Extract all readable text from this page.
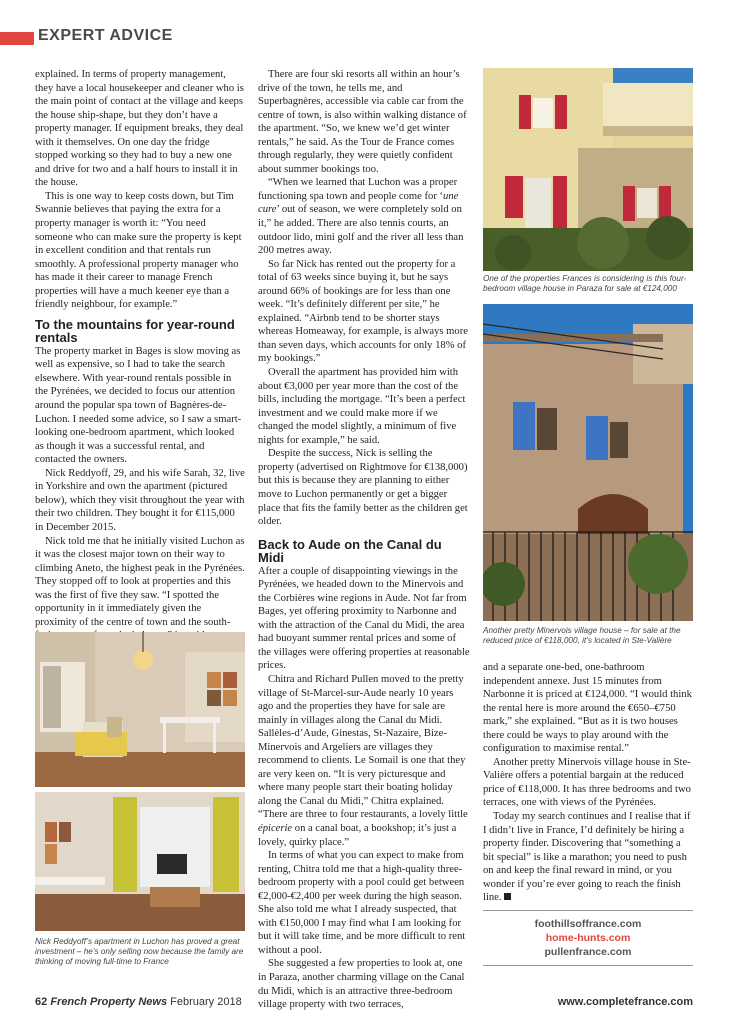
EXPERT ADVICE

explained. In terms of property management, they have a local housekeeper and cleaner who is the main point of contact at the village and keeps the house ship-shape, but they don’t have a property manager. If equipment breaks, they deal with it themselves. On one day the fridge stopped working so they had to buy a new one and drive for two and a half hours to install it in the house.

This is one way to keep costs down, but Tim Swannie believes that paying the extra for a property manager is worth it: “You need someone who can make sure the property is kept in excellent condition and that rentals run smoothly. A professional property manager who has made it their career to manage French properties will have a much keener eye than a friendly neighbour, for example.”

To the mountains for year-round rentals

The property market in Bages is slow moving as well as expensive, so I had to take the search elsewhere. With year-round rentals possible in the Pyrénées, we decided to focus our attention around the popular spa town of Bagnères-de-Luchon. I needed some advice, so I saw a smart-looking one-bedroom apartment, which looked as though it was a successful rental, and contacted the owners.

Nick Reddyoff, 29, and his wife Sarah, 32, live in Yorkshire and own the apartment (pictured below), which they visit throughout the year with their two children. They bought it for €115,000 in December 2015.

Nick told me that he initially visited Luchon as it was the closest major town on their way to climbing Aneto, the highest peak in the Pyrénées. They stopped off to look at properties and this was the first of five they saw. “I spotted the opportunity in it immediately given the proximity of the centre of town and the south-

Nick Reddyoff’s apartment in Luchon has proved a great investment – he’s only selling now because the family are thinking of moving full-time to France

There are four ski resorts all within an hour’s drive of the town, he tells me, and Superbagnères, accessible via cable car from the centre of town, is also within walking distance of the apartment. “So, we knew we’d get winter rentals,” he said. As the Tour de France comes through regularly, they were quietly confident about summer bookings too.

“When we learned that Luchon was a proper functioning spa town and people come for ‘une cure’ out of season, we were completely sold on it,” he added. There are also tennis courts, an outdoor lido, mini golf and the river all less than 200 metres away.

So far Nick has rented out the property for a total of 63 weeks since buying it, but he says around 66% of bookings are for less than one week. “It’s definitely different per site,” he explained. “Airbnb tend to be shorter stays whereas Homeaway, for example, is always more than seven days, which accounts for only 18% of my bookings.”

Overall the apartment has provided him with about €3,000 per year more than the cost of the bills, including the mortgage. “It’s been a perfect investment and we could make more if we changed the model slightly, a minimum of five nights for example,” he said.

Despite the success, Nick is selling the property (advertised on Rightmove for €138,000) but this is because they are planning to either move to Luchon permanently or get a bigger place that fits the family better as the children get older.

Back to Aude on the Canal du Midi

After a couple of disappointing viewings in the Pyrénées, we headed down to the Minervois and the Corbières wine regions in Aude. Not far from Bages, yet offering proximity to Narbonne and with the attraction of the Canal du Midi, the area had buoyant summer rental prices and some of the villages were offering properties at reasonable prices.

Chitra and Richard Pullen moved to the pretty village of St-Marcel-sur-Aude nearly 10 years ago and the properties they have for sale are mainly in villages along the Canal du Midi. Sallèles-d’Aude, Ginestas, St-Nazaire, Bize-Minervois and Argeliers are villages they recommend to clients. Le Somail is one that they are very keen on. “It is very picturesque and where many people start their boating holiday along the Canal du Midi,” Chitra explained. “There are three to four restaurants, a lovely little épicerie on a canal boat, a bookshop; it’s just a lovely, quirky place.”

In terms of what you can expect to make from renting, Chitra told me that a high-quality three-bedroom property with a pool could get between €2,000-€2,400 per week during the high season. She also told me what I already suspected, that with €150,000 I may find what I am looking for but it will take time, and be more difficult to rent without a pool.

She suggested a few properties to look at, one in Paraza, another charming village on the Canal du Midi, which is an attractive three-bedroom village property with two terraces,

One of the properties Frances is considering is this four-bedroom village house in Paraza for sale at €124,000
Another pretty Minervois village house – for sale at the reduced price of €118,000, it’s located in Ste-Valière

and a separate one-bed, one-bathroom independent annexe. Just 15 minutes from Narbonne it is priced at €124,000. “I would think the rental here is more around the €650–€750 mark,” she explained. “But as it is two houses there could be ways to play around with the configuration to maximise rental.”

Another pretty Minervois village house in Ste-Valière offers a potential bargain at the reduced price of €118,000. It has three bedrooms and two terraces, one with views of the Pyrénées.

Today my search continues and I realise that if I didn’t live in France, I’d definitely be hiring a property finder. Discovering that “something a bit special” is like a marathon; you need to push on and keep the final reward in mind, or you wonder if you’re ever going to reach the finish line.

foothillsoffrance.com
home-hunts.com
pullenfrance.com
62 French Property News February 2018	www.completefrance.com
